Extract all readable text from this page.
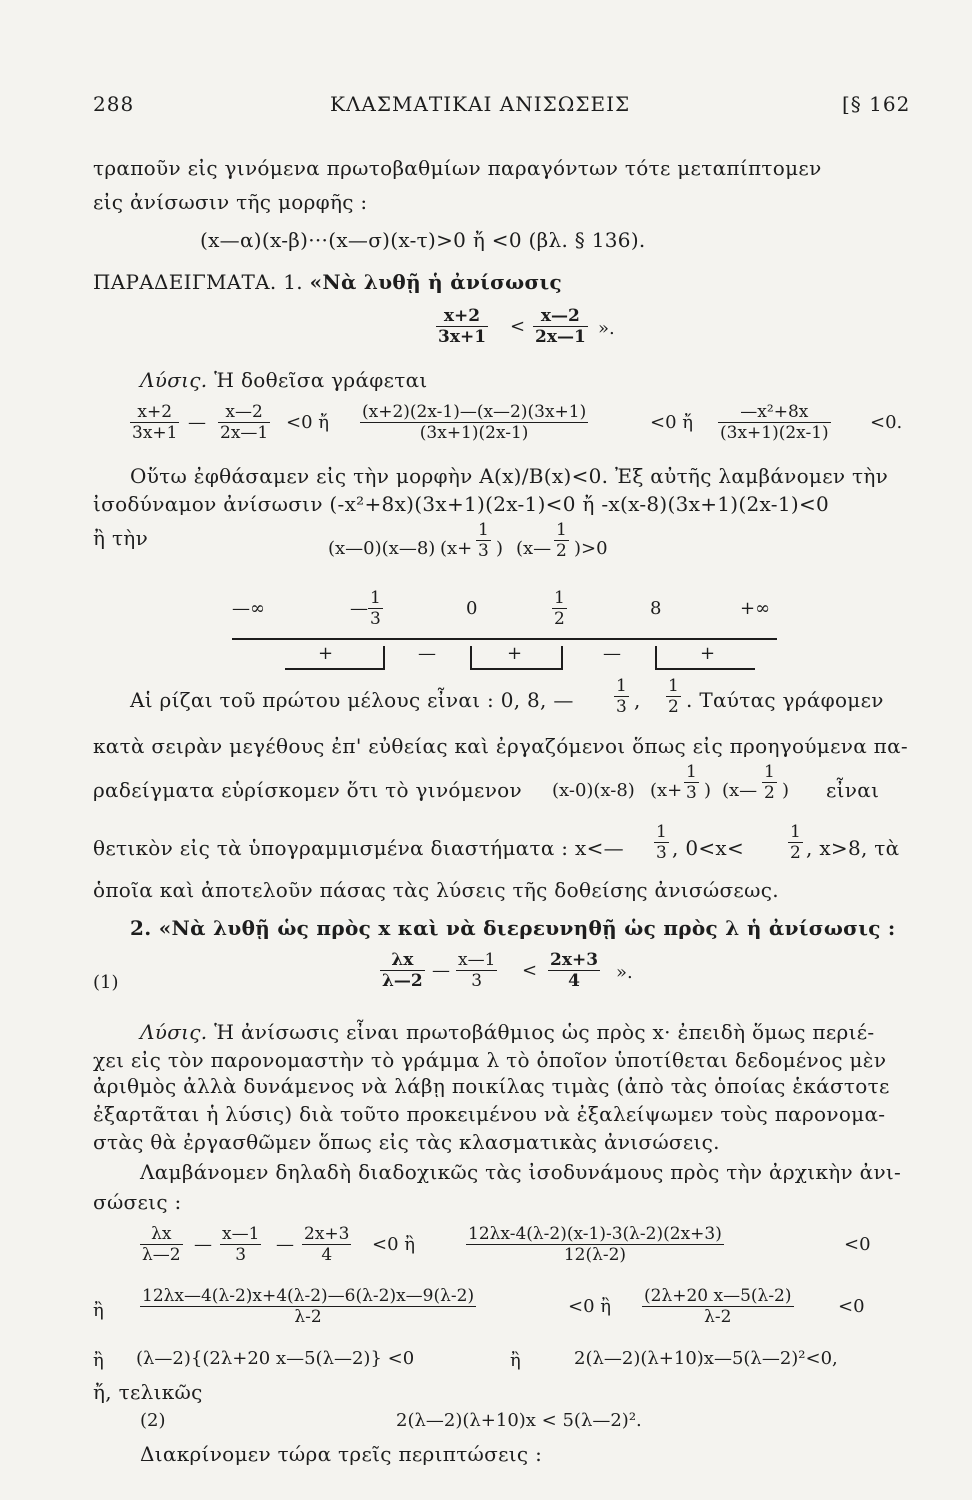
288	ΚΛΑΣΜΑΤΙΚΑΙ ΑΝΙΣΩΣΕΙΣ	[§ 162
τραποῦν εἰς γινόμενα πρωτοβαθμίων παραγόντων τότε μεταπίπτομεν
εἰς ἀνίσωσιν τῆς μορφῆς :
(x—α)(x-β)···(x—σ)(x-τ)>0 ἤ <0 (βλ. § 136).
ΠΑΡΑΔΕΙΓΜΑΤΑ. 1. «Νὰ λυθῇ ἡ ἀνίσωσις
$\frac{x+2}{3x+1} < \frac{x—2}{2x—1}$ ».
Λύσις. Ἡ δοθεῖσα γράφεται
$\frac{x+2}{3x+1}$ — $\frac{x—2}{2x—1} <0$ ἤ $\frac{(x+2)(2x-1)—(x—2)(3x+1)}{(3x+1)(2x-1)}$	<0 ἤ $\frac{\text{—x²+8x}}{(3x+1)(2x-1)} <0$.
Οὕτω ἐφθάσαμεν εἰς τὴν μορφὴν Α(x)/Β(x)<0. Ἐξ αὐτῆς λαμβάνομεν τὴν
ἰσοδύναμον ἀνίσωσιν (-x²+8x)(3x+1)(2x-1)<0 ἤ -x(x-8)(3x+1)(2x-1)<0
ἢ τὴν	(x—0)(x—8) ($x+ \frac{1}{3}$ ) (x— $\frac{1}{2} )>0$
—∞	— $\frac{1}{3}$	0	$\frac{1}{2}$	8	+∞
+	—	+	—	+
Αἱ ρίζαι τοῦ πρώτου μέλους εἶναι : 0, 8, — $\frac{1}{3}$ , $\frac{1}{2}$ . Ταύτας γράφομεν
κατὰ σειρὰν μεγέθους ἐπ' εὐθείας καὶ ἐργαζόμενοι ὅπως εἰς προηγούμενα πα-
ραδείγματα εὑρίσκομεν ὅτι τὸ γινόμενον (x-0)(x-8) ($x+ \frac{1}{3}$ ) (x— $\frac{1}{2}$ ) εἶναι
θετικὸν εἰς τὰ ὑπογραμμισμένα διαστήματα : x<— $\frac{1}{3}$ , 0<x<	$\frac{1}{2}$ , x>8, τὰ
ὁποῖα καὶ ἀποτελοῦν πάσας τὰς λύσεις τῆς δοθείσης ἀνισώσεως.
2. «Νὰ λυθῇ ὡς πρὸς x καὶ νὰ διερευνηθῇ ὡς πρὸς λ ἡ ἀνίσωσις :
(1)	$\frac{\lambda x}{\lambda—2}$ — $\frac{x—1}{3} < \frac{2x+3}{4}$ ».
Λύσις. Ἡ ἀνίσωσις εἶναι πρωτοβάθμιος ὡς πρὸς x· ἐπειδὴ ὅμως περιέ-
χει εἰς τὸν παρονομαστὴν τὸ γράμμα λ τὸ ὁποῖον ὑποτίθεται δεδομένος μὲν
ἀριθμὸς ἀλλὰ δυνάμενος νὰ λάβῃ ποικίλας τιμὰς (ἀπὸ τὰς ὁποίας ἑκάστοτε
ἐξαρτᾶται ἡ λύσις) διὰ τοῦτο προκειμένου νὰ ἐξαλείψωμεν τοὺς παρονομα-
στὰς θὰ ἐργασθῶμεν ὅπως εἰς τὰς κλασματικὰς ἀνισώσεις.
Λαμβάνομεν δηλαδὴ διαδοχικῶς τὰς ἰσοδυνάμους πρὸς τὴν ἀρχικὴν ἀνι-
σώσεις :
$\frac{\lambda x}{\lambda—2}$ — $\frac{x—1}{3}$ — $\frac{2x+3}{4} <0$ ἢ	$\frac{12\lambda x-4(\lambda-2)(x-1)-3(\lambda-2)(2x+3)}{12(\lambda-2)}$	<0
ἢ $\frac{12\lambda x—4(\lambda-2)x+4(\lambda-2)—6(\lambda-2)x—9(\lambda-2)}{\lambda-2}$	<0 ἢ $\frac{(2\lambda+20 x—5(\lambda-2)}{\lambda-2} <0$
ἢ (λ—2){(2λ+20 x—5(λ—2)} <0	ἢ	2(λ—2)(λ+10)x—5(λ—2)²<0,
ἤ, τελικῶς
(2)	2(λ—2)(λ+10)x < 5(λ—2)².
Διακρίνομεν τώρα τρεῖς περιπτώσεις :
